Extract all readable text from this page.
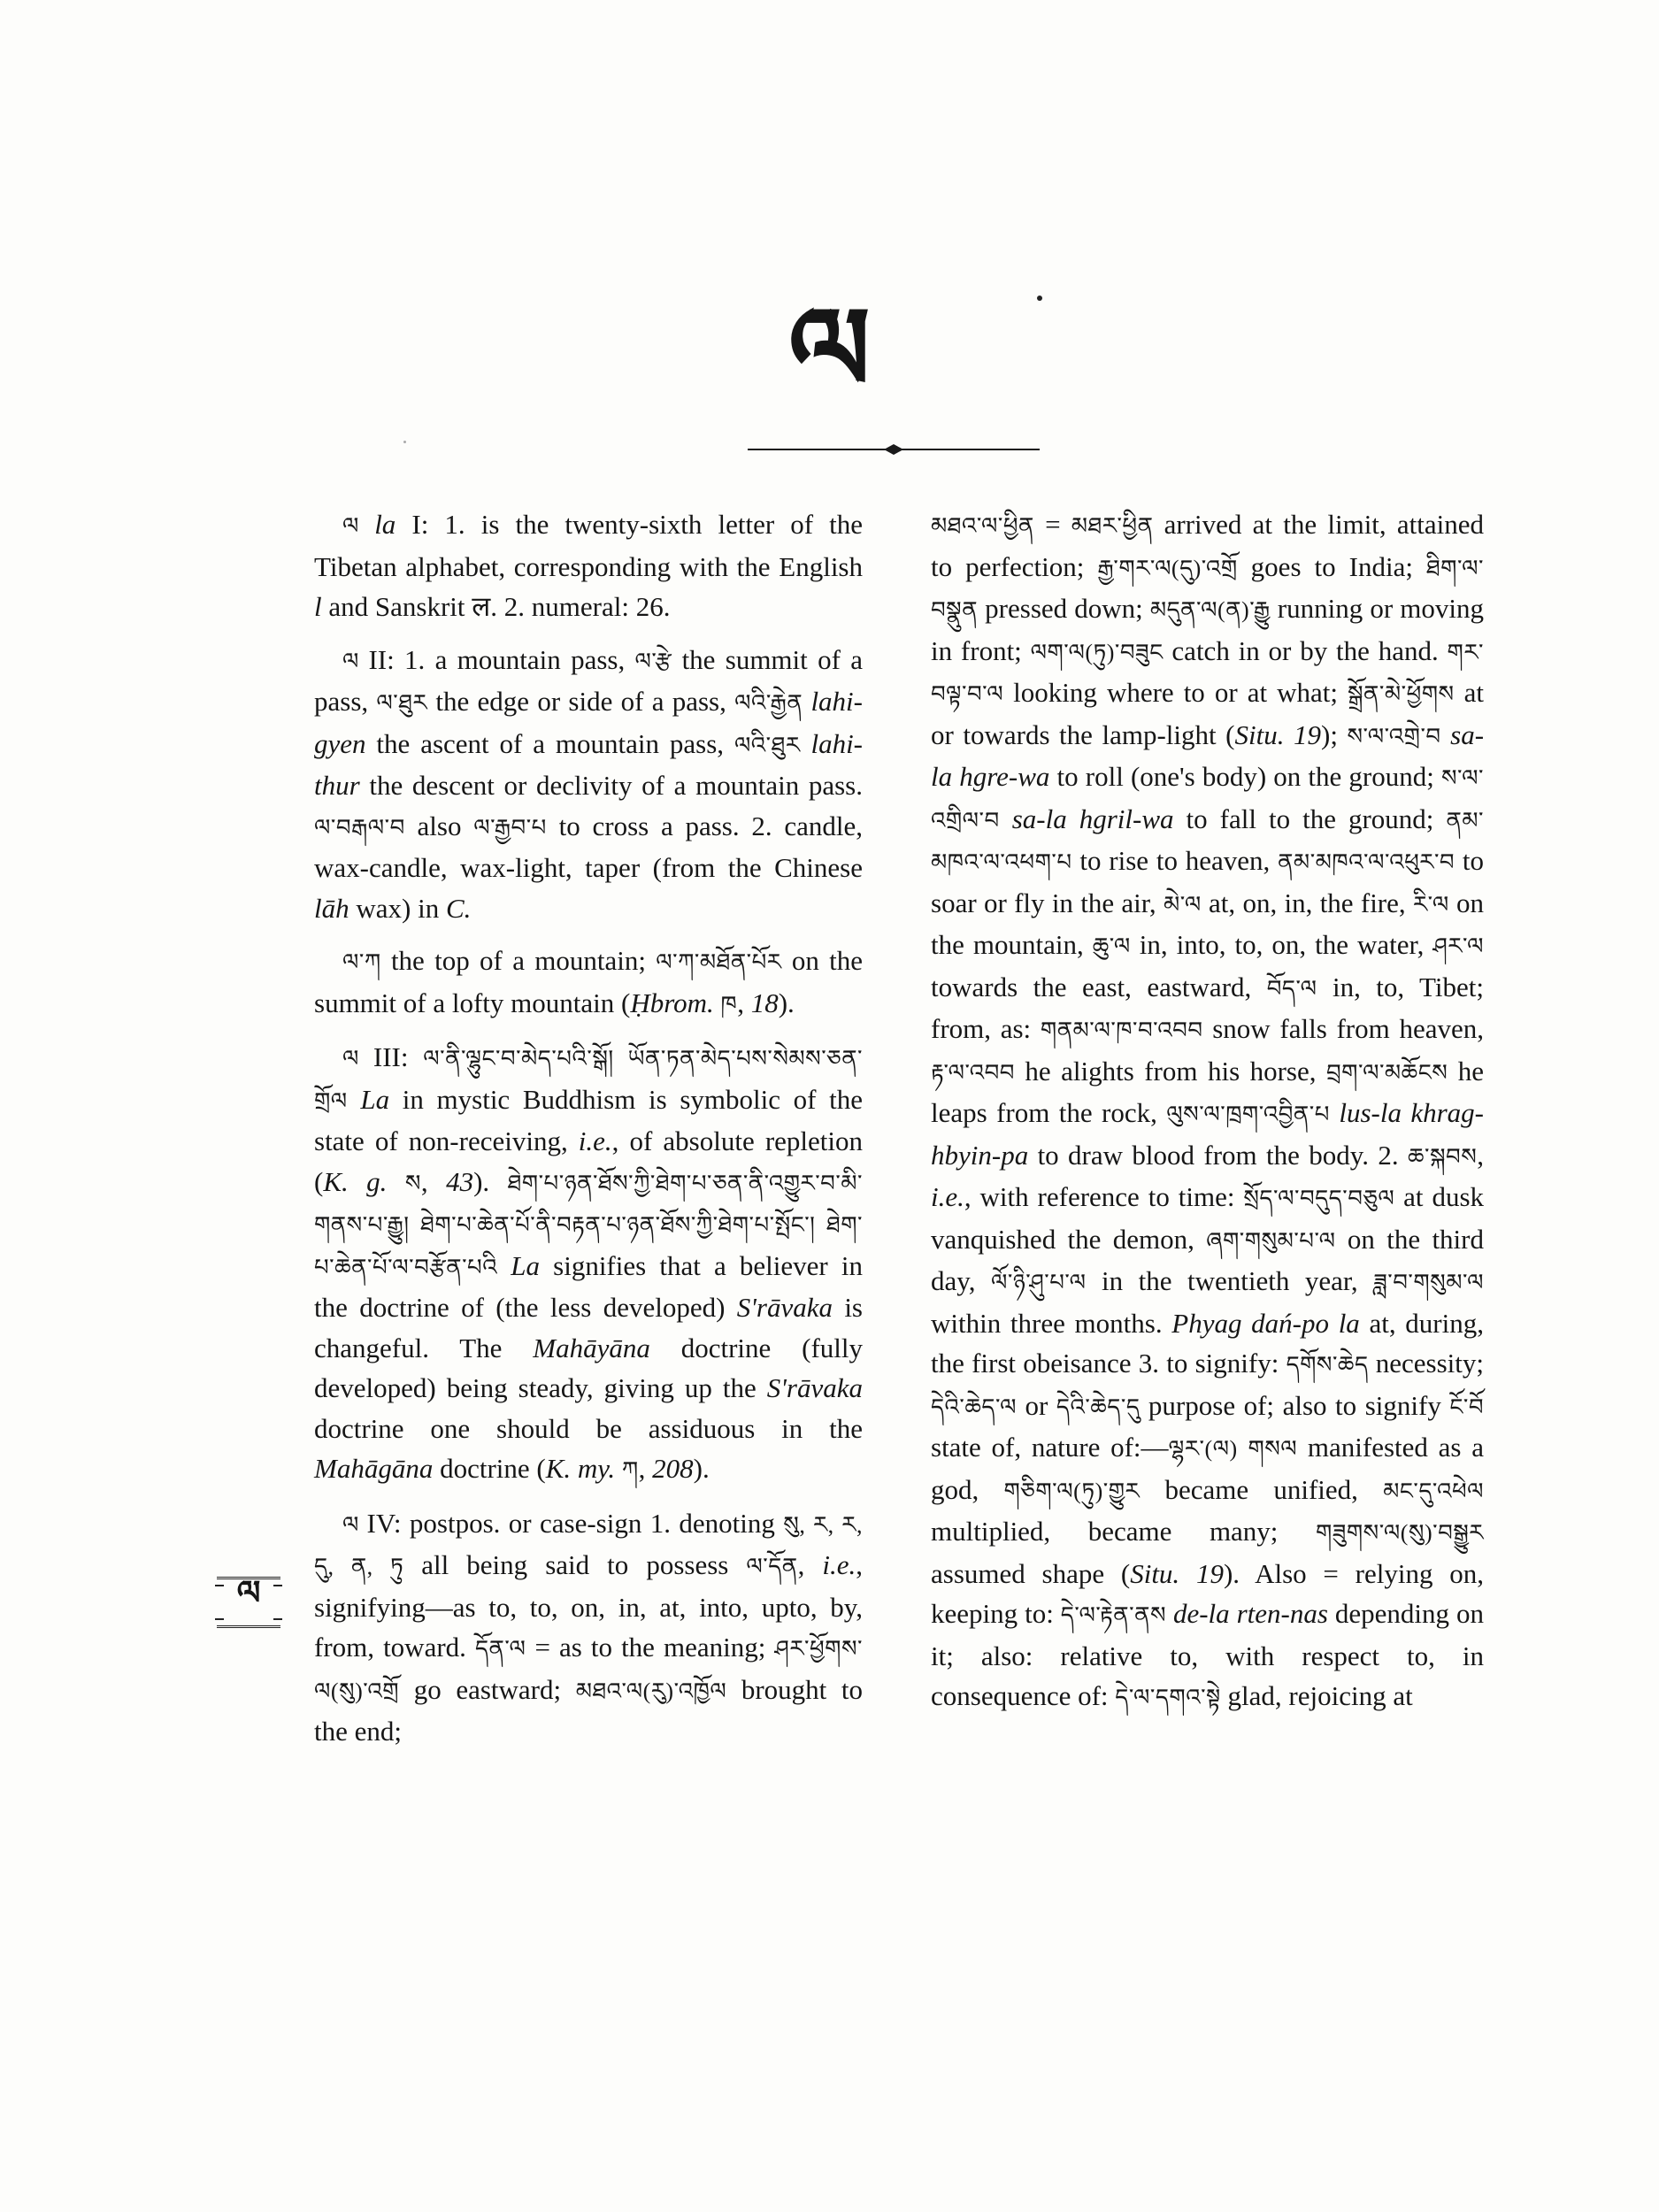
ལ

ལ la I: 1. is the twenty-sixth letter of the Tibetan alphabet, corresponding with the English l and Sanskrit ल. 2. numeral: 26.

ལ II: 1. a mountain pass, ལ་རྩེ the summit of a pass, ལ་ཐུར the edge or side of a pass, ལའི་རྒྱེན lahi-gyen the ascent of a mountain pass, ལའི་ཐུར lahi-thur the descent or declivity of a mountain pass. ལ་བརྒལ་བ also ལ་རྒྱབ་པ to cross a pass. 2. candle, wax-candle, wax-light, taper (from the Chinese lāh wax) in C.

ལ་ཀ the top of a mountain; ལ་ཀ་མཐོན་པོར on the summit of a lofty mountain (Ḥbrom. ཁ, 18).

ལ III: ལ་ནི་ལྷུང་བ་མེད་པའི་སྒོ། ཡོན་ཏན་མེད་པས་སེམས་ཅན་གྲོལ La in mystic Buddhism is symbolic of the state of non-receiving, i.e., of absolute repletion (K. g. ས, 43). ཐེག་པ་ཉན་ཐོས་ཀྱི་ཐེག་པ་ཅན་ནི་འགྱུར་བ་མི་གནས་པ་རྒྱུ། ཐེག་པ་ཆེན་པོ་ནི་བརྟན་པ་ཉན་ཐོས་ཀྱི་ཐེག་པ་སྤོང་། ཐེག་པ་ཆེན་པོ་ལ་བརྩོན་པའི La signifies that a believer in the doctrine of (the less developed) S'rāvaka is changeful. The Mahāyāna doctrine (fully developed) being steady, giving up the S'rāvaka doctrine one should be assiduous in the Mahāgāna doctrine (K. my. ཀ, 208).

ལ IV: postpos. or case-sign 1. denoting སུ, ར, ར, དུ, ན, ཏུ all being said to possess ལ་དོན, i.e., signifying—as to, to, on, in, at, into, upto, by, from, toward. དོན་ལ = as to the meaning; ཤར་ཕྱོགས་ལ(སུ)་འགྲོ go eastward; མཐའ་ལ(རུ)་འཁྱོལ brought to the end;

མཐའ་ལ་ཕྱིན = མཐར་ཕྱིན arrived at the limit, attained to perfection; རྒྱ་གར་ལ(དུ)་འགྲོ goes to India; ཐིག་ལ་བསྣུན pressed down; མདུན་ལ(ན)་རྒྱུ running or moving in front; ལག་ལ(ཏུ)་བཟུང catch in or by the hand. གར་བལྟ་བ་ལ looking where to or at what; སྒྲོན་མེ་ཕྱོགས at or towards the lamp-light (Situ. 19); ས་ལ་འགྲེ་བ sa-la hgre-wa to roll (one's body) on the ground; ས་ལ་འགྲིལ་བ sa-la hgril-wa to fall to the ground; ནམ་མཁའ་ལ་འཕག་པ to rise to heaven, ནམ་མཁའ་ལ་འཕུར་བ to soar or fly in the air, མེ་ལ at, on, in, the fire, རི་ལ on the mountain, ཆུ་ལ in, into, to, on, the water, ཤར་ལ towards the east, eastward, བོད་ལ in, to, Tibet; from, as: གནམ་ལ་ཁ་བ་འབབ snow falls from heaven, རྟ་ལ་འབབ he alights from his horse, བྲག་ལ་མཆོངས he leaps from the rock, ལུས་ལ་ཁྲག་འབྱིན་པ lus-la khrag-hbyin-pa to draw blood from the body. 2. ཆ་སྐབས, i.e., with reference to time: སྲོད་ལ་བདུད་བཅུལ at dusk vanquished the demon, ཞག་གསུམ་པ་ལ on the third day, ལོ་ཉི་ཤུ་པ་ལ in the twentieth year, ཟླ་བ་གསུམ་ལ within three months. Phyag dań-po la at, during, the first obeisance 3. to signify: དགོས་ཆེད necessity; དེའི་ཆེད་ལ or དེའི་ཆེད་དུ purpose of; also to signify ངོ་བོ state of, nature of:—ལྷར་(ལ) གསལ manifested as a god, གཅིག་ལ(ཏུ)་གྱུར became unified, མང་དུ་འཕེལ multiplied, became many; གཟུགས་ལ(སུ)་བསྒྱུར assumed shape (Situ. 19). Also = relying on, keeping to: དེ་ལ་རྟེན་ནས de-la rten-nas depending on it; also: relative to, with respect to, in consequence of: དེ་ལ་དགའ་སྟེ glad, rejoicing at

ལ
